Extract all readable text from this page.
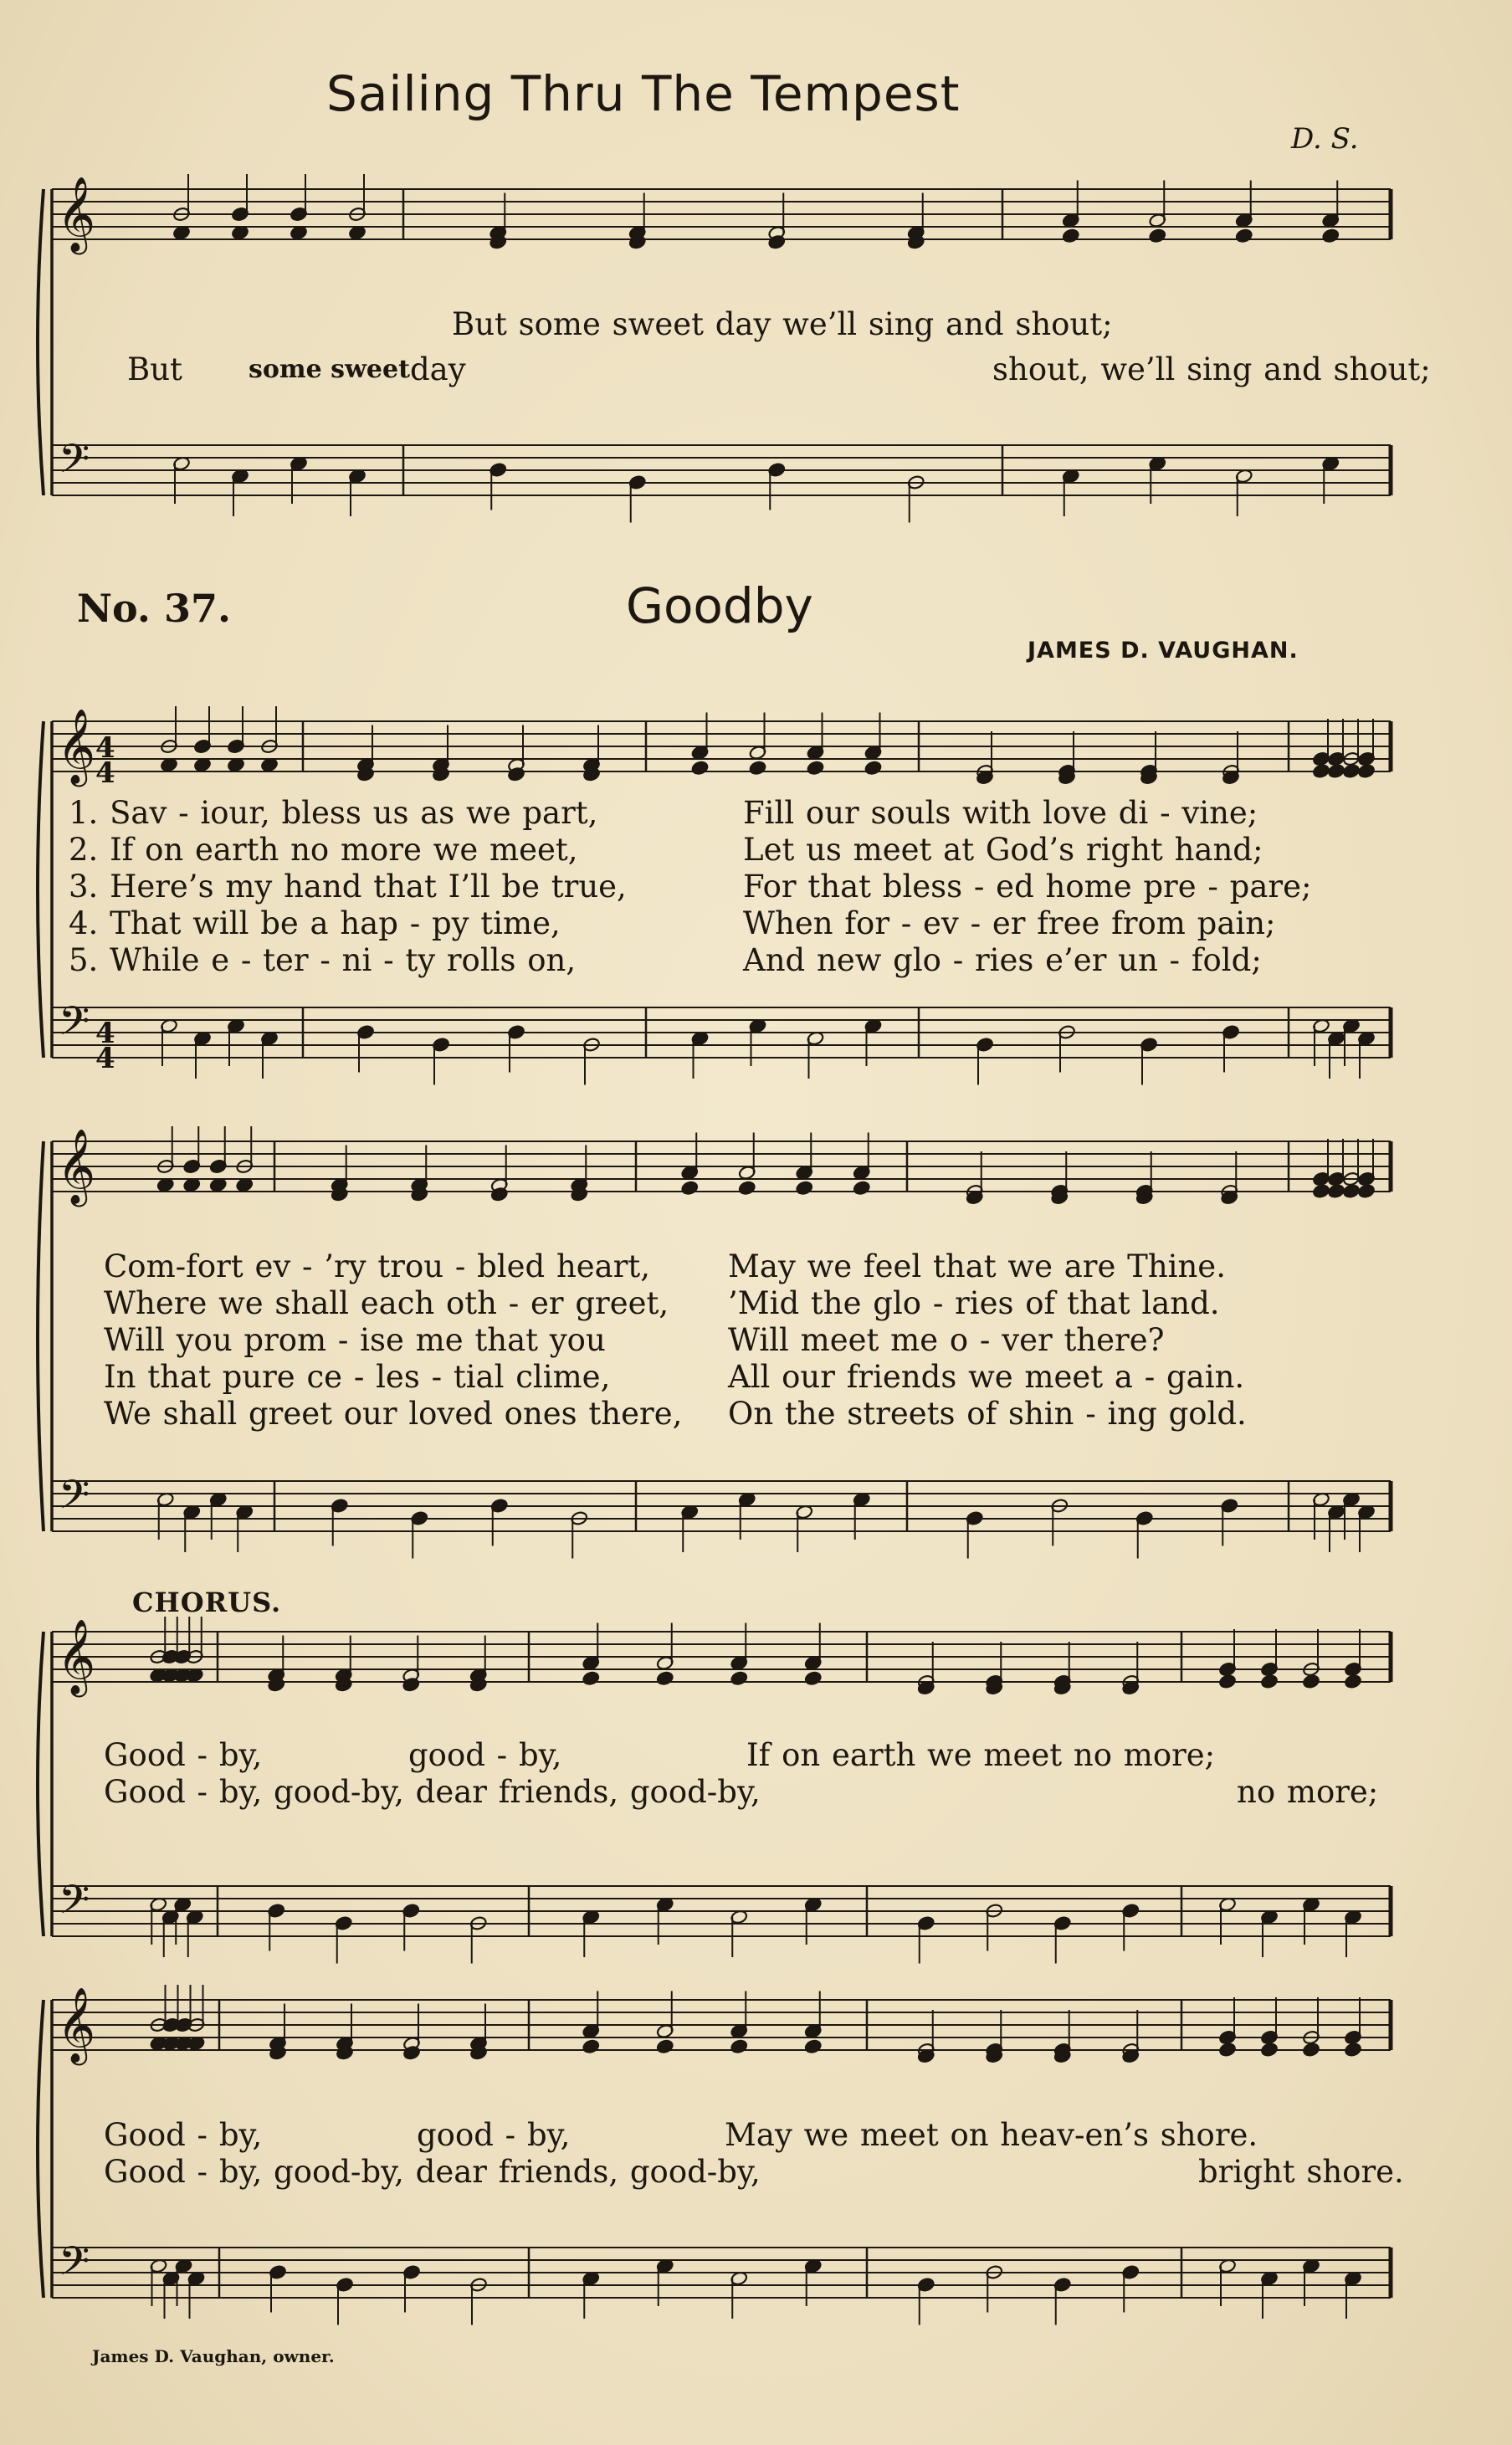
𝄞
𝄢
𝄞
𝄢
𝄞
𝄢
𝄞
𝄢
𝄞
𝄢
4
4
4
4
Sailing Thru The Tempest
D. S.
But some sweet day we’ll sing and shout;
But	some sweet day	shout, we’ll sing and shout;
No. 37.	Goodby
JAMES D. VAUGHAN.
1. Sav - iour, bless us as we part,
2. If on earth no more we meet,
3. Here’s my hand that I’ll be true,
4. That will be a hap - py time,
5. While e - ter - ni - ty rolls on,
Fill our souls with love di - vine;
Let us meet at God’s right hand;
For that bless - ed home pre - pare;
When for - ev - er free from pain;
And new glo - ries e’er un - fold;
Com-fort ev - ’ry trou - bled heart,
Where we shall each oth - er greet,
Will you prom - ise me that you
In that pure ce - les - tial clime,
We shall greet our loved ones there,
May we feel that we are Thine.
’Mid the glo - ries of that land.
Will meet me o - ver there?
All our friends we meet a - gain.
On the streets of shin - ing gold.
CHORUS.
Good - by,	good - by,	If on earth we meet no more;
Good - by, good-by, dear friends, good-by,	no more;
Good - by,	good - by,	May we meet on heav-en’s shore.
Good - by, good-by, dear friends, good-by,	bright shore.
James D. Vaughan, owner.
